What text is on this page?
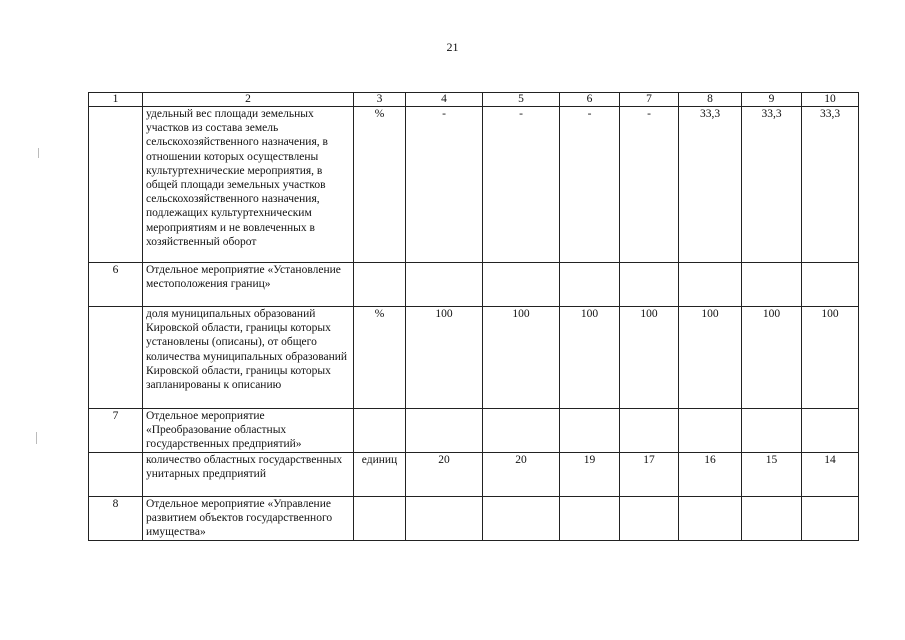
21
1	2	3	4	5	6	7	8	9	10
	удельный вес площади земельных участков из состава земель сельскохозяйственного назначения, в отношении которых осуществлены культуртехнические мероприятия, в общей площади земельных участков сельскохозяйственного назначения, подлежащих культуртехническим мероприятиям и не вовлеченных в хозяйственный оборот	%	-	-	-	-	33,3	33,3	33,3
6	Отдельное мероприятие «Установление местоположения границ»								
	доля муниципальных образований Кировской области, границы которых установлены (описаны), от общего количества муниципальных образований Кировской области, границы которых запланированы к описанию	%	100	100	100	100	100	100	100
7	Отдельное мероприятие «Преобразование областных государственных предприятий»								
	количество областных государственных унитарных предприятий	единиц	20	20	19	17	16	15	14
8	Отдельное мероприятие «Управление развитием объектов государственного имущества»								
